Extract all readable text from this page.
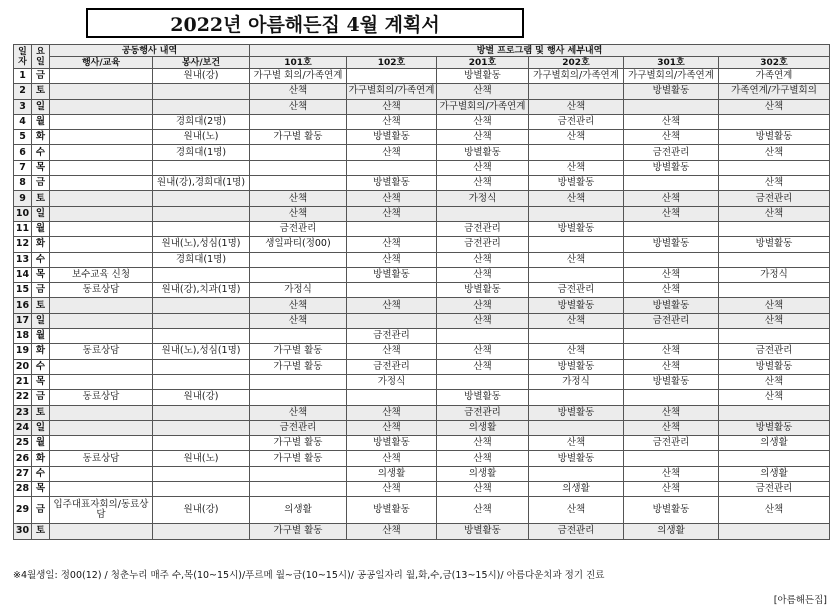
2022년 아름해든집 4월 계획서
일자	요일	공동행사 내역		방별 프로그램 및 행사 세부내역					
		행사/교육	봉사/보건	101호	102호	201호	202호	301호	302호
1	금		원내(강)	가구별 회의/가족연계		방별활동	가구별회의/가족연계	가구별회의/가족연계	가족연계
2	토			산책	가구별회의/가족연계	산책		방별활동	가족연계/가구별회의
3	일			산책	산책	가구별회의/가족연계	산책		산책
4	월		경희대(2명)		산책	산책	금전관리	산책	
5	화		원내(노)	가구별 활동	방별활동	산책	산책	산책	방별활동
6	수		경희대(1명)		산책	방별활동		금전관리	산책
7	목					산책	산책	방별활동	
8	금		원내(강),경희대(1명)		방별활동	산책	방별활동		산책
9	토			산책	산책	가정식	산책	산책	금전관리
10	일			산책	산책			산책	산책
11	월			금전관리		금전관리	방별활동		
12	화		원내(노),성심(1명)	생일파티(정00)	산책	금전관리		방별활동	방별활동
13	수		경희대(1명)		산책	산책	산책		
14	목	보수교육 신청			방별활동	산책		산책	가정식
15	금	동료상담	원내(강),치과(1명)	가정식		방별활동	금전관리	산책	
16	토			산책	산책	산책	방별활동	방별활동	산책
17	일			산책		산책	산책	금전관리	산책
18	월				금전관리				
19	화	동료상담	원내(노),성심(1명)	가구별 활동	산책	산책	산책	산책	금전관리
20	수			가구별 활동	금전관리	산책	방별활동	산책	방별활동
21	목				가정식		가정식	방별활동	산책
22	금	동료상담	원내(강)			방별활동			산책
23	토			산책	산책	금전관리	방별활동	산책	
24	일			금전관리	산책	의생활		산책	방별활동
25	월			가구별 활동	방별활동	산책	산책	금전관리	의생활
26	화	동료상담	원내(노)	가구별 활동	산책	산책	방별활동		
27	수				의생활	의생활		산책	의생활
28	목				산책	산책	의생활	산책	금전관리
29	금	입주대표자회의/동료상담	원내(강)	의생활	방별활동	산책	산책	방별활동	산책
30	토			가구별 활동	산책	방별활동	금전관리	의생활	
※4월생일: 정00(12) / 청춘누리 매주 수,목(10~15시)/푸르메 월~금(10~15시)/ 공공일자리 월,화,수,금(13~15시)/ 아름다운치과 정기 진료
[아름해든집]
